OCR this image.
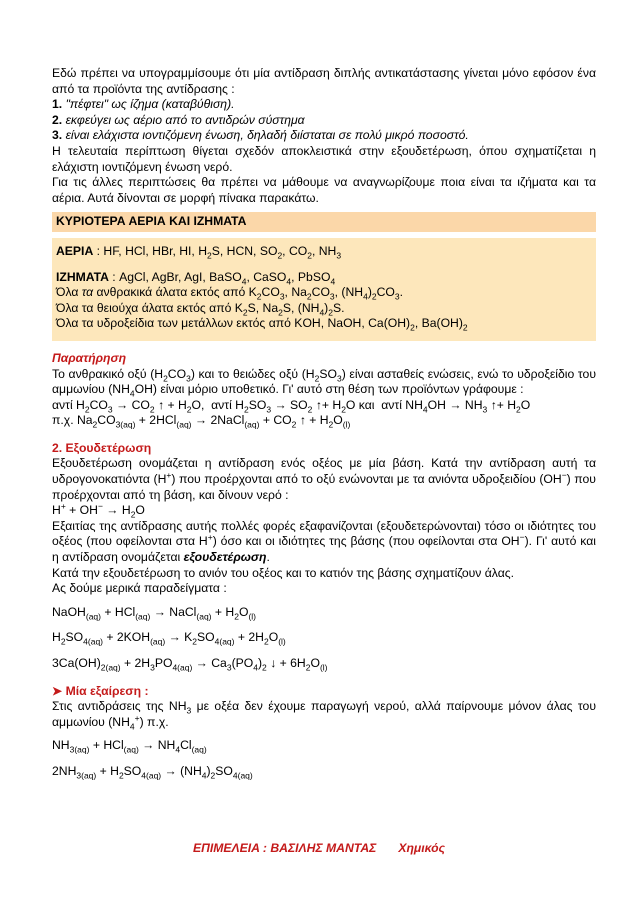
Εδώ πρέπει να υπογραμμίσουμε ότι μία αντίδραση διπλής αντικατάστασης γίνεται μόνο εφόσον ένα από τα προϊόντα της αντίδρασης :

1. "πέφτει" ως ίζημα (καταβύθιση).

2. εκφεύγει ως αέριο από το αντιδρών σύστημα

3. είναι ελάχιστα ιοντιζόμενη ένωση, δηλαδή διίσταται σε πολύ μικρό ποσοστό.

Η τελευταία περίπτωση θίγεται σχεδόν αποκλειστικά στην εξουδετέρωση, όπου σχηματίζεται η ελάχιστη ιοντιζόμενη ένωση νερό.

Για τις άλλες περιπτώσεις θα πρέπει να μάθουμε να αναγνωρίζουμε ποια είναι τα ιζήματα και τα αέρια. Αυτά δίνονται σε μορφή πίνακα παρακάτω.

ΚΥΡΙΟΤΕΡΑ ΑΕΡΙΑ ΚΑΙ ΙΖΗΜΑΤΑ

ΑΕΡΙΑ : HF, HCl, HBr, HI, $H_2S$, HCN, $SO_2$, $CO_2$, $NH_3$

ΙΖΗΜΑΤΑ : AgCl, AgBr, AgI, BaSO$_4$, CaSO$_4$, PbSO$_4$

Όλα τα ανθρακικά άλατα εκτός από $K_2CO_3$, $Na_2CO_3$, $(NH_4)_2CO_3$.

Όλα τα θειούχα άλατα εκτός από $K_2S$, $Na_2S$, $(NH_4)_2S$.

Όλα τα υδροξείδια των μετάλλων εκτός από KOH, NaOH, $Ca(OH)_2$, $Ba(OH)_2$

Παρατήρηση

Το ανθρακικό οξύ $(H_2CO_3)$ και το θειώδες οξύ $(H_2SO_3)$ είναι ασταθείς ενώσεις, ενώ το υδροξείδιο του αμμωνίου $(NH_4OH)$ είναι μόριο υποθετικό. Γι' αυτό στη θέση των προϊόντων γράφουμε :

αντί $H_2CO_3 \to CO_2$ ↑ + $H_2O$,  αντί $H_2SO_3 \to SO_2$ ↑+ $H_2O$ και  αντί $NH_4OH \to NH_3$ ↑+ $H_2O$

π.χ. $Na_2CO_{3(aq)} + 2HCl_{(aq)}$ → 2NaCl$_{(aq)}$ + $CO_2$ ↑ + $H_2O_{(l)}$

2. Εξουδετέρωση

Εξουδετέρωση ονομάζεται η αντίδραση ενός οξέος με μία βάση. Κατά την αντίδραση αυτή τα υδρογονοκατιόντα (H+) που προέρχονται από το οξύ ενώνονται με τα ανιόντα υδροξειδίου (OH−) που προέρχονται από τη βάση, και δίνουν νερό :

$H^+ + OH^- \to H_2O$

Εξαιτίας της αντίδρασης αυτής πολλές φορές εξαφανίζονται (εξουδετερώνονται) τόσο οι ιδιότητες του οξέος (που οφείλονται στα H+) όσο και οι ιδιότητες της βάσης (που οφείλονται στα OH−). Γι' αυτό και η αντίδραση ονομάζεται εξουδετέρωση.

Κατά την εξουδετέρωση το ανιόν του οξέος και το κατιόν της βάσης σχηματίζουν άλας.

Ας δούμε μερικά παραδείγματα :

NaOH$_{(aq)}$ + HCl$_{(aq)}$ → NaCl$_{(aq)}$ + $H_2O_{(l)}$

$H_2SO_{4(aq)} + 2KOH_{(aq)} \to K_2SO_{4(aq)} + 2H_2O_{(l)}$

$3Ca(OH)_{2(aq)} + 2H_3PO_{4(aq)} \to Ca_3(PO_4)_2$ ↓ + $6H_2O_{(l)}$

➤ Μία εξαίρεση :

Στις αντιδράσεις της $NH_3$ με οξέα δεν έχουμε παραγωγή νερού, αλλά παίρνουμε μόνον άλας του αμμωνίου $(NH_4^+)$ π.χ.

$NH_{3(aq)} + HCl_{(aq)} \to NH_4Cl_{(aq)}$

$2NH_{3(aq)} + H_2SO_{4(aq)} \to (NH_4)_2SO_{4(aq)}$

ΕΠΙΜΕΛΕΙΑ : ΒΑΣΙΛΗΣ ΜΑΝΤΑΣ Χημικός
